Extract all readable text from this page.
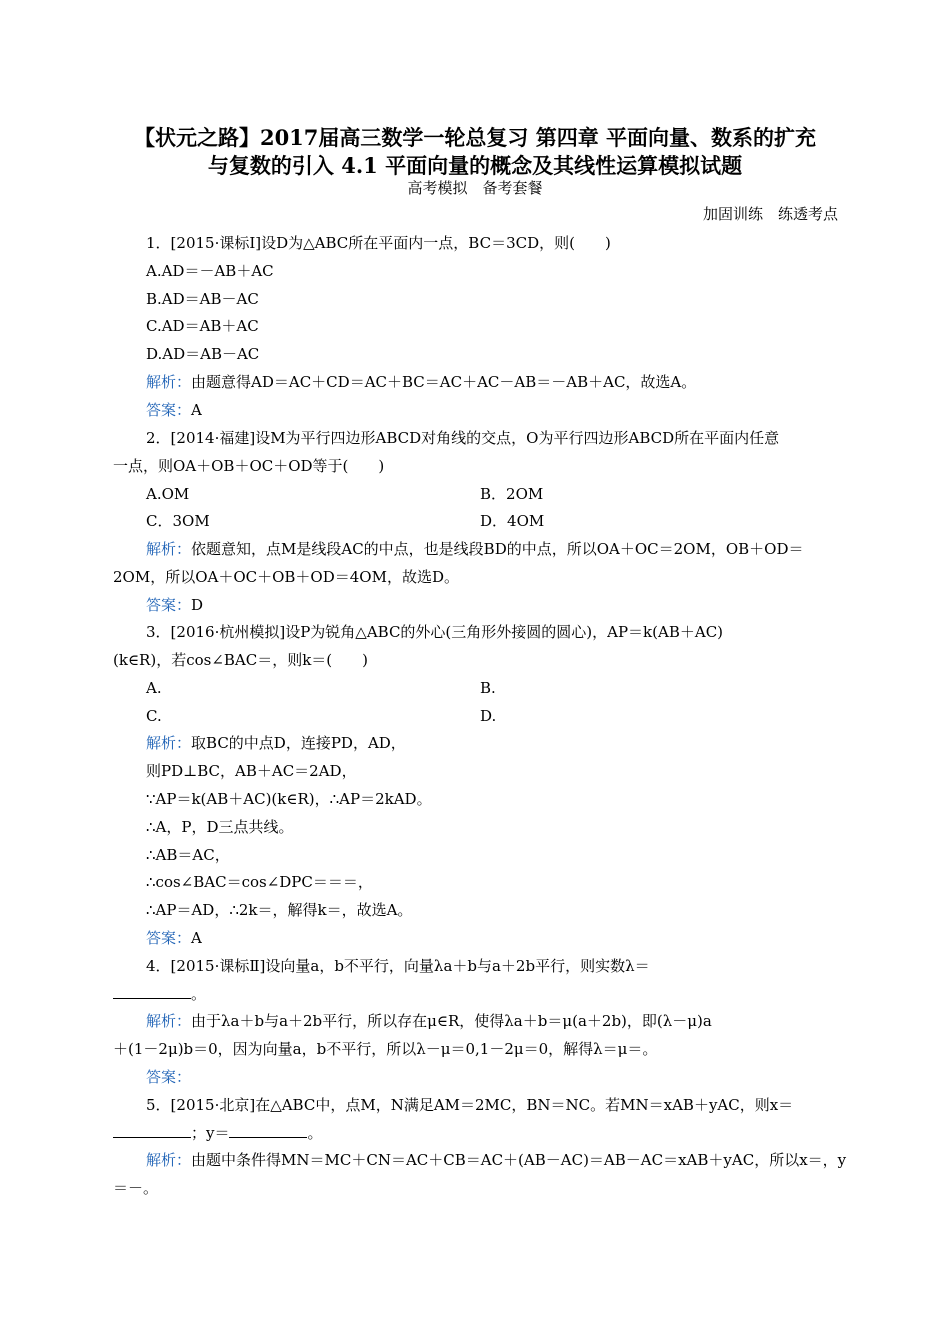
【状元之路】2017届高三数学一轮总复习 第四章 平面向量、数系的扩充
与复数的引入 4.1 平面向量的概念及其线性运算模拟试题
高考模拟　备考套餐
加固训练　练透考点
1．[2015·课标Ⅰ]设D为△ABC所在平面内一点，BC＝3CD，则(　　)
A.AD＝－AB＋AC
B.AD＝AB－AC
C.AD＝AB＋AC
D.AD＝AB－AC
解析：由题意得AD＝AC＋CD＝AC＋BC＝AC＋AC－AB＝－AB＋AC，故选A。
答案：A
2．[2014·福建]设M为平行四边形ABCD对角线的交点，O为平行四边形ABCD所在平面内任意
一点，则OA＋OB＋OC＋OD等于(　　)
A.OM	B．2OM
C．3OM	D．4OM
解析：依题意知，点M是线段AC的中点，也是线段BD的中点，所以OA＋OC＝2OM，OB＋OD＝
2OM，所以OA＋OC＋OB＋OD＝4OM，故选D。
答案：D
3．[2016·杭州模拟]设P为锐角△ABC的外心(三角形外接圆的圆心)，AP＝k(AB＋AC)
(k∈R)，若cos∠BAC＝，则k＝(　　)
A.	B.
C.	D.
解析：取BC的中点D，连接PD，AD，
则PD⊥BC，AB＋AC＝2AD，
∵AP＝k(AB＋AC)(k∈R)，∴AP＝2kAD。
∴A，P，D三点共线。
∴AB＝AC，
∴cos∠BAC＝cos∠DPC＝＝＝，
∴AP＝AD，∴2k＝，解得k＝，故选A。
答案：A
4．[2015·课标Ⅱ]设向量a，b不平行，向量λa＋b与a＋2b平行，则实数λ＝
。
解析：由于λa＋b与a＋2b平行，所以存在μ∈R，使得λa＋b＝μ(a＋2b)，即(λ－μ)a
＋(1－2μ)b＝0，因为向量a，b不平行，所以λ－μ＝0,1－2μ＝0，解得λ＝μ＝。
答案：
5．[2015·北京]在△ABC中，点M，N满足AM＝2MC，BN＝NC。若MN＝xAB＋yAC，则x＝
；y＝	。
解析：由题中条件得MN＝MC＋CN＝AC＋CB＝AC＋(AB－AC)＝AB－AC＝xAB＋yAC，所以x＝，y
＝－。
